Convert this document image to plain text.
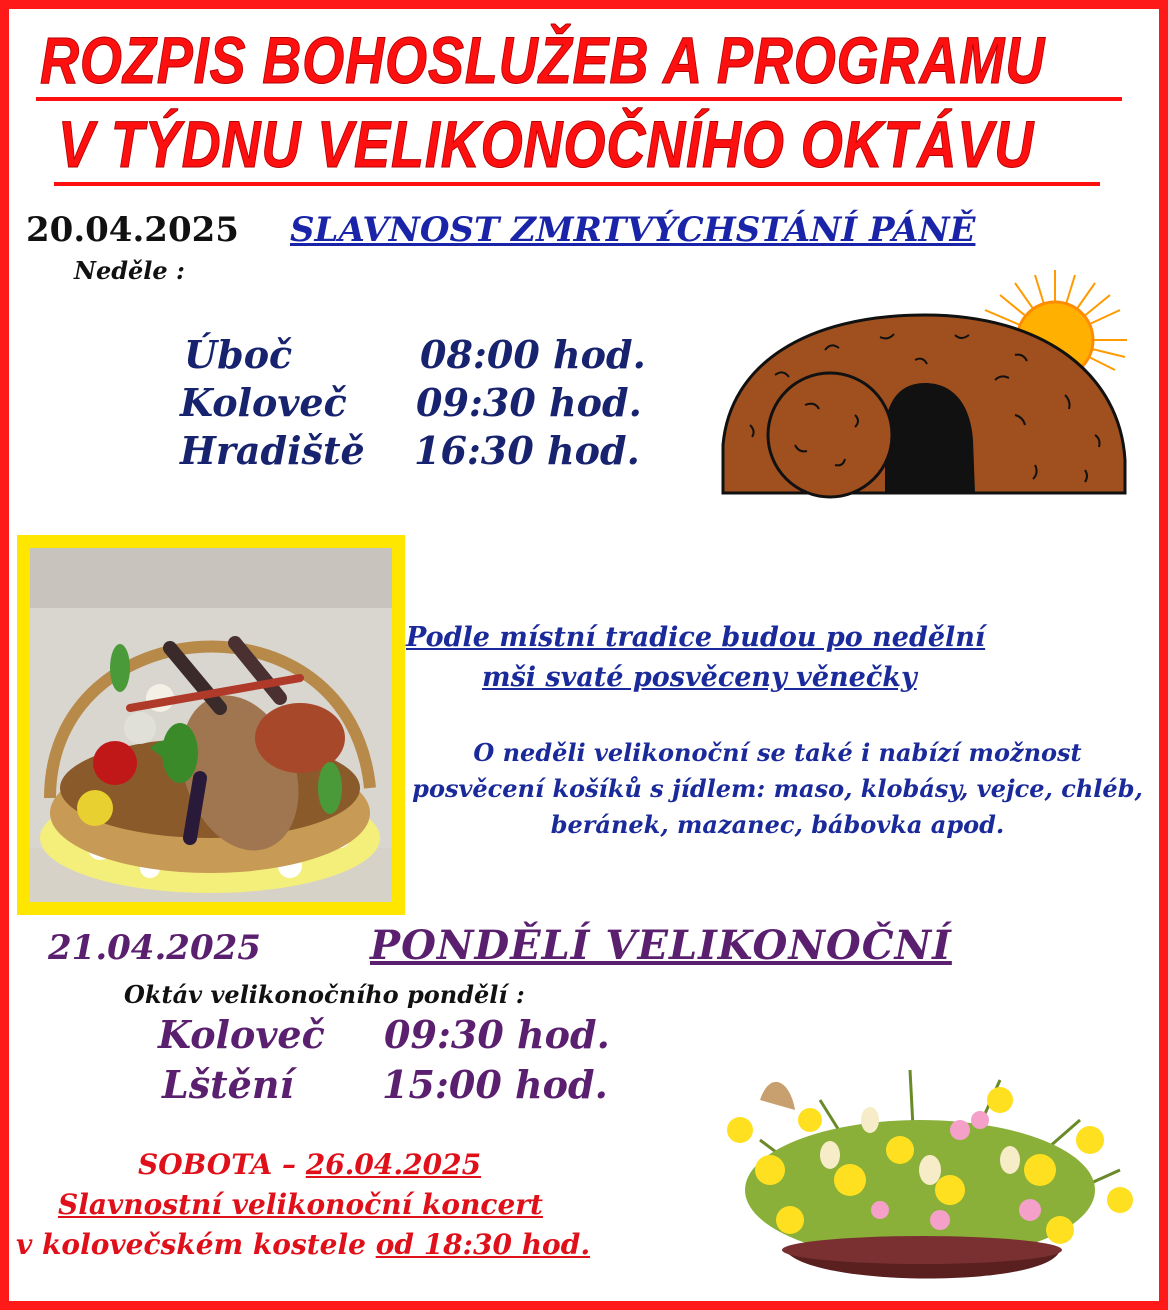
ROZPIS BOHOSLUŽEB A PROGRAMU
V TÝDNU VELIKONOČNÍHO OKTÁVU
20.04.2025 SLAVNOST ZMRTVÝCHSTÁNÍ PÁNĚ
Neděle :
Úboč	08:00 hod.
Koloveč 09:30 hod.
Hradiště 16:30 hod.
Podle místní tradice budou po nedělní
mši svaté posvěceny věnečky
O neděli velikonoční se také i nabízí možnost posvěcení košíků s jídlem: maso, klobásy, vejce, chléb, beránek, mazanec, bábovka apod.
21.04.2025	PONDĚLÍ VELIKONOČNÍ
Oktáv velikonočního pondělí :
Koloveč 09:30 hod.
Lštění 15:00 hod.
SOBOTA – 26.04.2025
Slavnostní velikonoční koncert
v kolovečském kostele od 18:30 hod.
